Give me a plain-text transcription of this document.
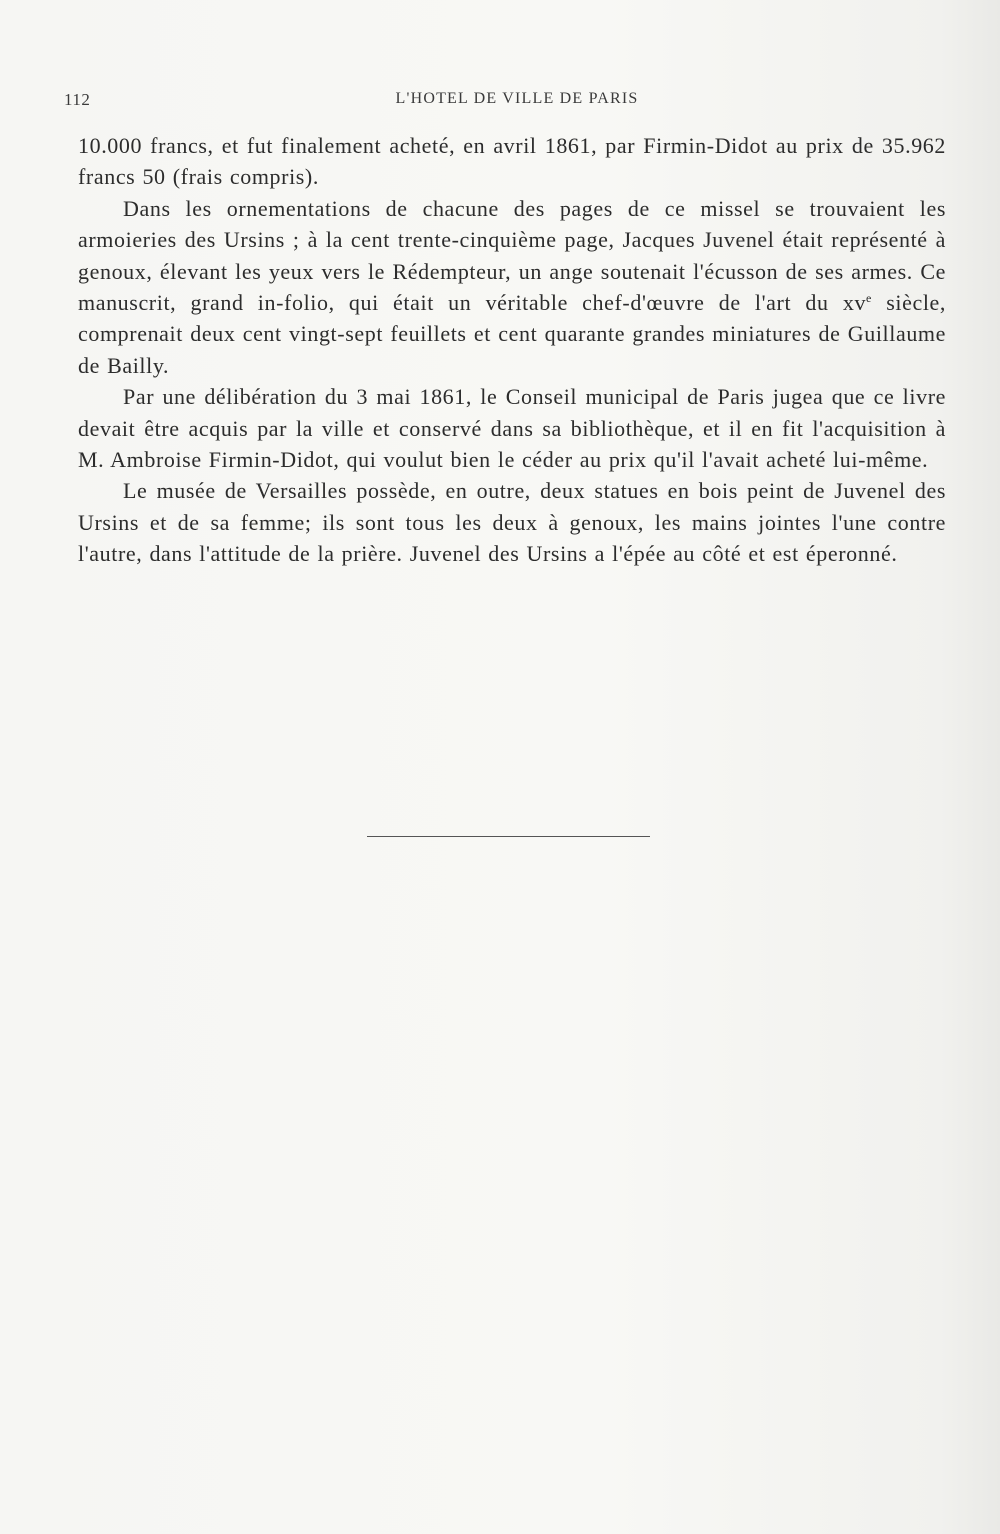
112	L'HOTEL DE VILLE DE PARIS

10.000 francs, et fut finalement acheté, en avril 1861, par Firmin-Didot au prix de 35.962 francs 50 (frais compris).

Dans les ornementations de chacune des pages de ce missel se trouvaient les armoieries des Ursins ; à la cent trente-cinquième page, Jacques Juvenel était représenté à genoux, élevant les yeux vers le Rédempteur, un ange soutenait l'écusson de ses armes. Ce manuscrit, grand in-folio, qui était un véritable chef-d'œuvre de l'art du $xv^e$ siècle, comprenait deux cent vingt-sept feuillets et cent quarante grandes miniatures de Guillaume de Bailly.

Par une délibération du 3 mai 1861, le Conseil municipal de Paris jugea que ce livre devait être acquis par la ville et conservé dans sa bibliothèque, et il en fit l'acquisition à M. Ambroise Firmin-Didot, qui voulut bien le céder au prix qu'il l'avait acheté lui-même.

Le musée de Versailles possède, en outre, deux statues en bois peint de Juvenel des Ursins et de sa femme; ils sont tous les deux à genoux, les mains jointes l'une contre l'autre, dans l'attitude de la prière. Juvenel des Ursins a l'épée au côté et est éperonné.
